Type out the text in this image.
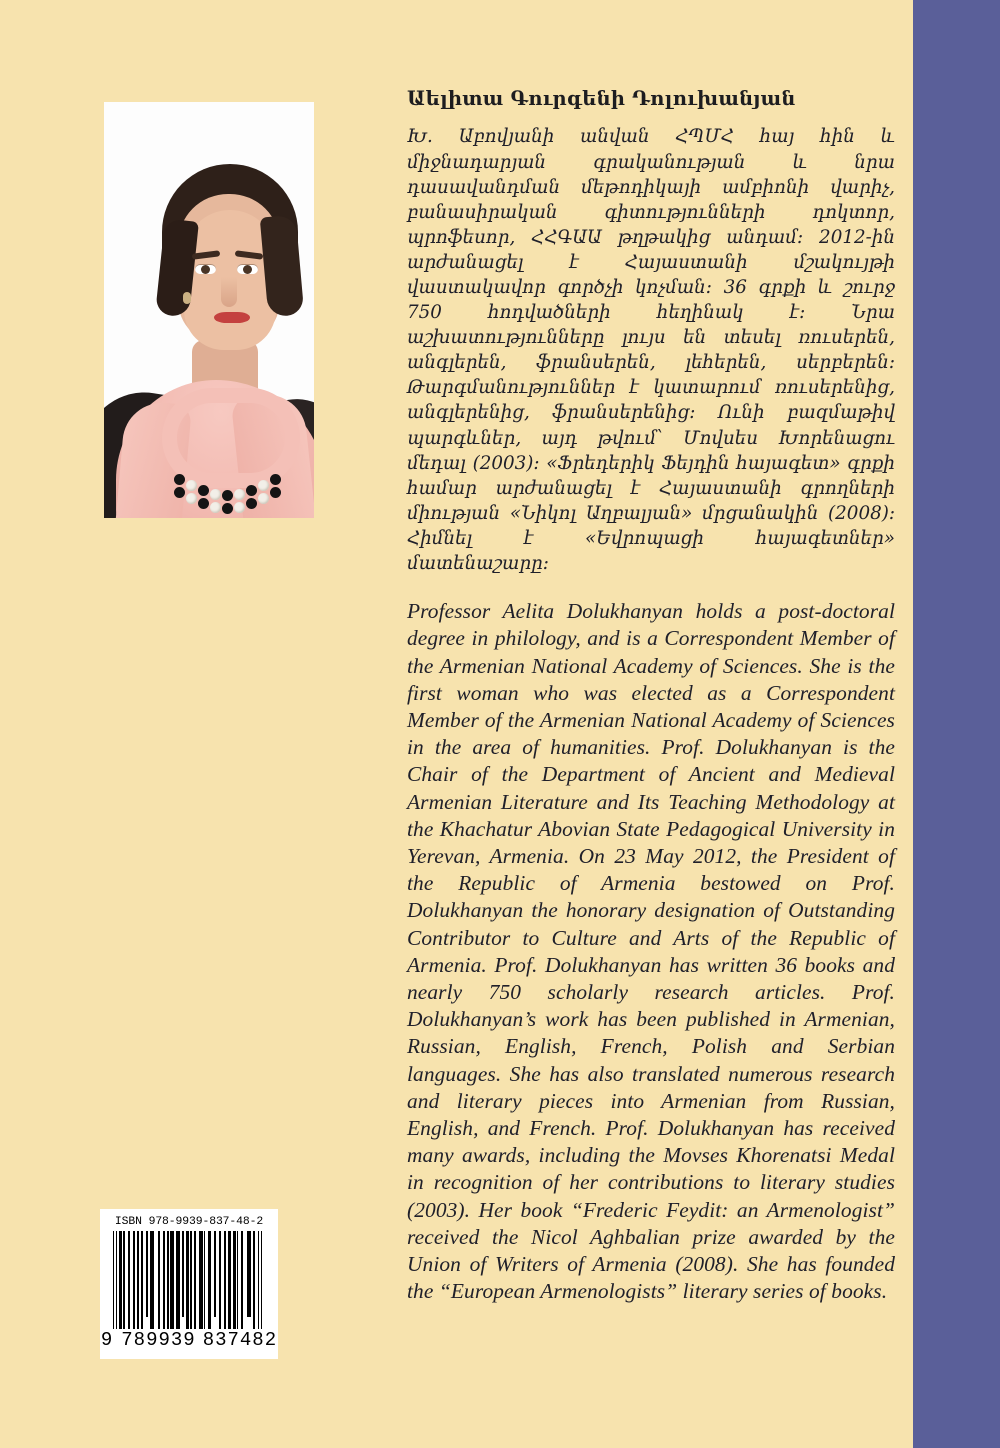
Աելիտա Գուրգենի Դոլուխանյան

Խ. Աբովյանի անվան ՀՊՄՀ հայ հին և միջնադարյան գրականության և նրա դասավանդման մեթոդիկայի ամբիոնի վարիչ, բանասիրական գիտությունների դոկտոր, պրոֆեսոր, ՀՀԳԱԱ թղթակից անդամ: 2012-ին արժանացել է Հայաստանի մշակույթի վաստակավոր գործչի կոչման: 36 գրքի և շուրջ 750 հոդվածների հեղինակ է: Նրա աշխատությունները լույս են տեսել ռուսերեն, անգլերեն, ֆրանսերեն, լեհերեն, սերբերեն: Թարգմանություններ է կատարում ռուսերենից, անգլերենից, ֆրանսերենից: Ունի բազմաթիվ պարգևներ, այդ թվում՝ Մովսես Խորենացու մեդալ (2003): «Ֆրեդերիկ Ֆեյդին հայագետ» գրքի համար արժանացել է Հայաստանի գրողների միության «Նիկոլ Աղբալյան» մրցանակին (2008): Հիմնել է «Եվրոպացի հայագետներ» մատենաշարը:

Professor Aelita Dolukhanyan holds a post-doctoral degree in philology, and is a Correspondent Member of the Armenian National Academy of Sciences. She is the first woman who was elected as a Correspondent Member of the Armenian National Academy of Sciences in the area of humanities. Prof. Dolukhanyan is the Chair of the Department of Ancient and Medieval Armenian Literature and Its Teaching Methodology at the Khachatur Abovian State Pedagogical University in Yerevan, Armenia. On 23 May 2012, the President of the Republic of Armenia bestowed on Prof. Dolukhanyan the honorary designation of Outstanding Contributor to Culture and Arts of the Republic of Armenia. Prof. Dolukhanyan has written 36 books and nearly 750 scholarly research articles. Prof. Dolukhanyan’s work has been published in Armenian, Russian, English, French, Polish and Serbian languages. She has also translated numerous research and literary pieces into Armenian from Russian, English, and French. Prof. Dolukhanyan has received many awards, including the Movses Khorenatsi Medal in recognition of her contributions to literary studies (2003). Her book “Frederic Feydit: an Armenologist” received the Nicol Aghbalian prize awarded by the Union of Writers of Armenia (2008). She has founded the “European Armenologists” literary series of books.

ISBN 978-9939-837-48-2
9 789939 837482
